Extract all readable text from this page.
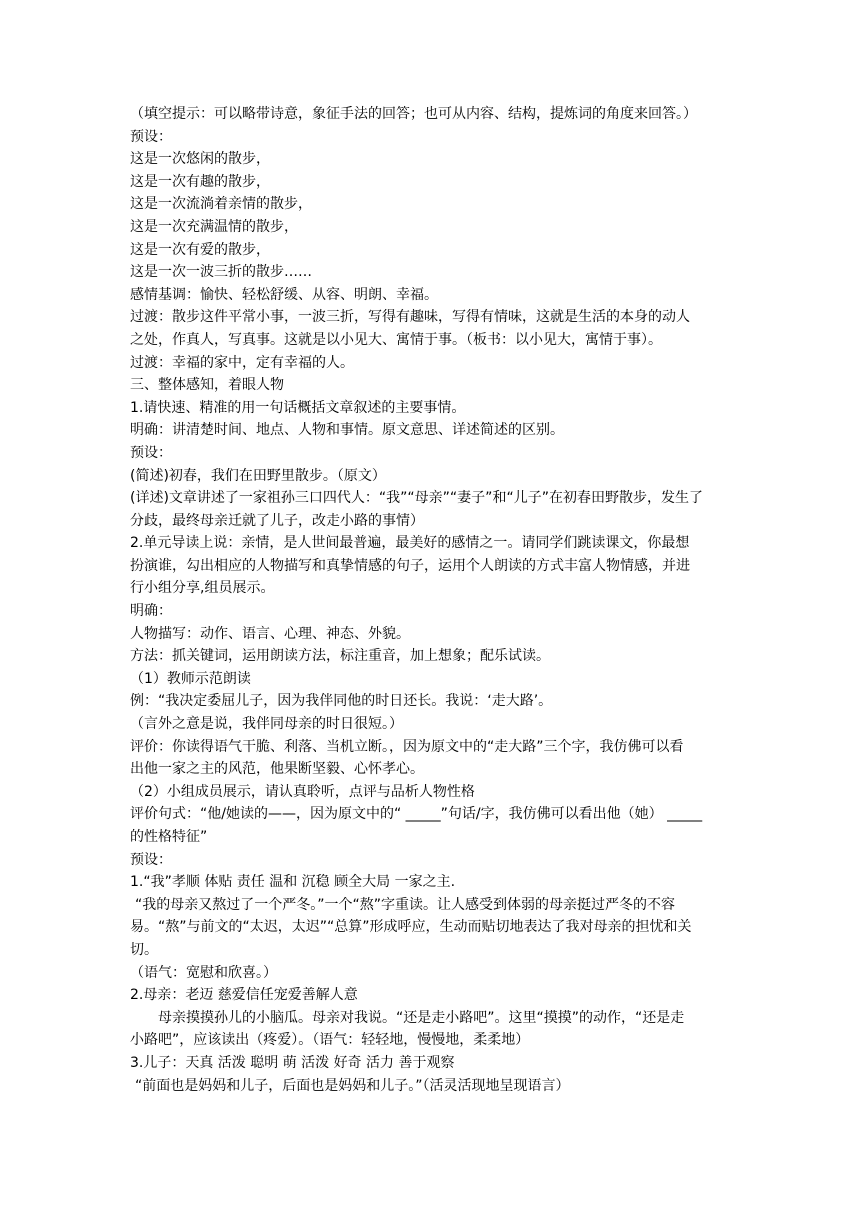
（填空提示：可以略带诗意，象征手法的回答；也可从内容、结构，提炼词的角度来回答。）
预设：
这是一次悠闲的散步，
这是一次有趣的散步，
这是一次流淌着亲情的散步，
这是一次充满温情的散步，
这是一次有爱的散步，
这是一次一波三折的散步……
感情基调：愉快、轻松舒缓、从容、明朗、幸福。
过渡：散步这件平常小事，一波三折，写得有趣味，写得有情味，这就是生活的本身的动人
之处，作真人，写真事。这就是以小见大、寓情于事。（板书：以小见大，寓情于事）。
过渡：幸福的家中，定有幸福的人。
三、整体感知，着眼人物
1.请快速、精准的用一句话概括文章叙述的主要事情。
明确：讲清楚时间、地点、人物和事情。原文意思、详述简述的区别。
预设：
(简述)初春，我们在田野里散步。（原文）
(详述)文章讲述了一家祖孙三口四代人：“我”“母亲”“妻子”和“儿子”在初春田野散步，发生了
分歧，最终母亲迁就了儿子，改走小路的事情）
2.单元导读上说：亲情，是人世间最普遍，最美好的感情之一。请同学们跳读课文，你最想
扮演谁，勾出相应的人物描写和真挚情感的句子，运用个人朗读的方式丰富人物情感，并进
行小组分享,组员展示。
明确：
人物描写：动作、语言、心理、神态、外貌。
方法：抓关键词，运用朗读方法，标注重音，加上想象；配乐试读。
（1）教师示范朗读
例：“我决定委屈儿子，因为我伴同他的时日还长。我说：‘走大路’。
（言外之意是说，我伴同母亲的时日很短。）
评价：你读得语气干脆、利落、当机立断。，因为原文中的“走大路”三个字，我仿佛可以看
出他一家之主的风范，他果断坚毅、心怀孝心。
（2）小组成员展示，请认真聆听，点评与品析人物性格
评价句式：“他/她读的——，因为原文中的“ _____”句话/字，我仿佛可以看出他（她） _____
的性格特征”
预设：
1.“我”孝顺 体贴 责任 温和 沉稳 顾全大局 一家之主.
“我的母亲又熬过了一个严冬。”一个“熬”字重读。让人感受到体弱的母亲挺过严冬的不容
易。“熬”与前文的“太迟，太迟”“总算”形成呼应，生动而贴切地表达了我对母亲的担忧和关
切。
（语气：宽慰和欣喜。）
2.母亲：老迈 慈爱信任宠爱善解人意
母亲摸摸孙儿的小脑瓜。母亲对我说。“还是走小路吧”。这里“摸摸”的动作，“还是走
小路吧”，应该读出（疼爱）。（语气：轻轻地，慢慢地，柔柔地）
3.儿子：天真 活泼 聪明 萌 活泼 好奇 活力 善于观察
“前面也是妈妈和儿子，后面也是妈妈和儿子。”（活灵活现地呈现语言）
